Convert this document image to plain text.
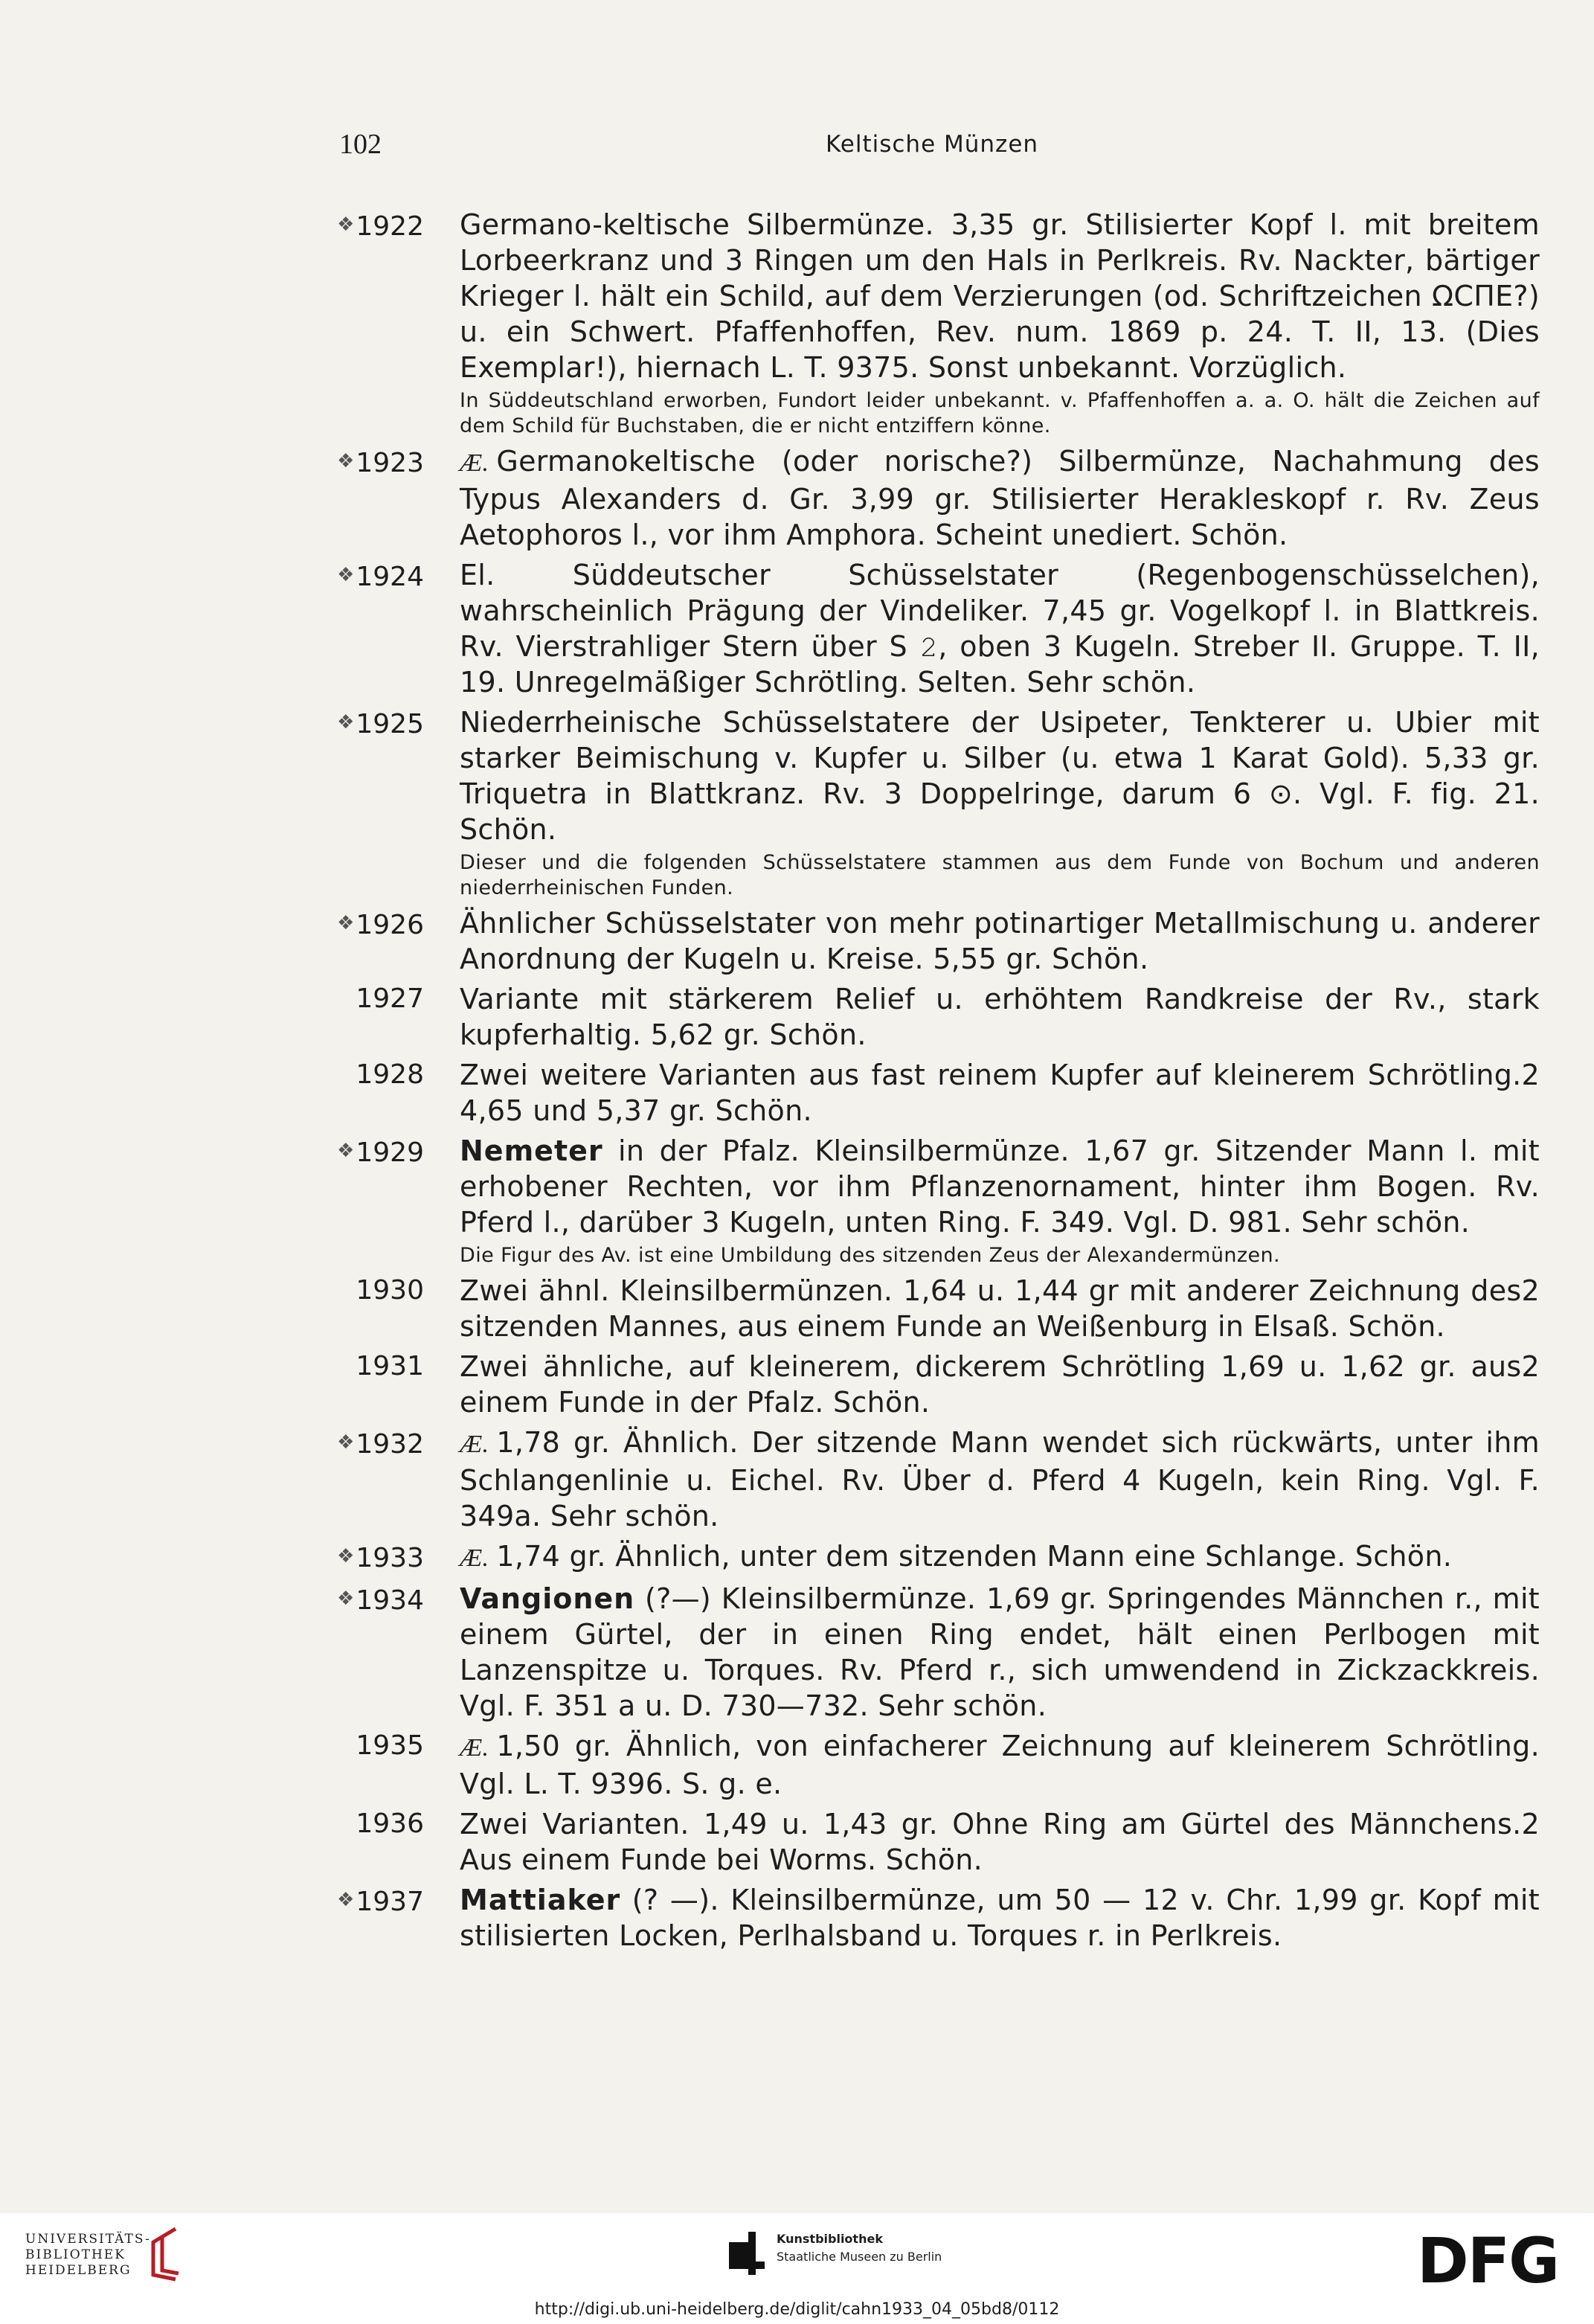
102	Keltische Münzen
❖1922 Germano-keltische Silbermünze. 3,35 gr. Stilisierter Kopf l. mit breitem Lorbeerkranz und 3 Ringen um den Hals in Perlkreis. Rv. Nackter, bärtiger Krieger l. hält ein Schild, auf dem Verzierungen (od. Schriftzeichen ΩCΠE?) u. ein Schwert. Pfaffenhoffen, Rev. num. 1869 p. 24. T. II, 13. (Dies Exemplar!), hiernach L. T. 9375. Sonst unbekannt. Vorzüglich.
In Süddeutschland erworben, Fundort leider unbekannt. v. Pfaffenhoffen a. a. O. hält die Zeichen auf dem Schild für Buchstaben, die er nicht entziffern könne.
❖1923 Æ. Germanokeltische (oder norische?) Silbermünze, Nachahmung des Typus Alexanders d. Gr. 3,99 gr. Stilisierter Herakleskopf r. Rv. Zeus Aetophoros l., vor ihm Amphora. Scheint unediert. Schön.
❖1924 El. Süddeutscher Schüsselstater (Regenbogenschüsselchen), wahrscheinlich Prägung der Vindeliker. 7,45 gr. Vogelkopf l. in Blattkreis. Rv. Vierstrahliger Stern über S 𝟸, oben 3 Kugeln. Streber II. Gruppe. T. II, 19. Unregelmäßiger Schrötling. Selten. Sehr schön.
❖1925 Niederrheinische Schüsselstatere der Usipeter, Tenkterer u. Ubier mit starker Beimischung v. Kupfer u. Silber (u. etwa 1 Karat Gold). 5,33 gr. Triquetra in Blattkranz. Rv. 3 Doppelringe, darum 6 ⊙. Vgl. F. fig. 21. Schön.
Dieser und die folgenden Schüsselstatere stammen aus dem Funde von Bochum und anderen niederrheinischen Funden.
❖1926 Ähnlicher Schüsselstater von mehr potinartiger Metallmischung u. anderer Anordnung der Kugeln u. Kreise. 5,55 gr. Schön.
1927 Variante mit stärkerem Relief u. erhöhtem Randkreise der Rv., stark kupferhaltig. 5,62 gr. Schön.
1928	2
Zwei weitere Varianten aus fast reinem Kupfer auf kleinerem Schrötling. 4,65 und 5,37 gr. Schön.
❖1929 Nemeter in der Pfalz. Kleinsilbermünze. 1,67 gr. Sitzender Mann l. mit erhobener Rechten, vor ihm Pflanzenornament, hinter ihm Bogen. Rv. Pferd l., darüber 3 Kugeln, unten Ring. F. 349. Vgl. D. 981. Sehr schön.
Die Figur des Av. ist eine Umbildung des sitzenden Zeus der Alexandermünzen.
1930	2
Zwei ähnl. Kleinsilbermünzen. 1,64 u. 1,44 gr mit anderer Zeichnung des sitzenden Mannes, aus einem Funde an Weißenburg in Elsaß. Schön.
1931	2
Zwei ähnliche, auf kleinerem, dickerem Schrötling 1,69 u. 1,62 gr. aus einem Funde in der Pfalz. Schön.
❖1932 Æ. 1,78 gr. Ähnlich. Der sitzende Mann wendet sich rückwärts, unter ihm Schlangenlinie u. Eichel. Rv. Über d. Pferd 4 Kugeln, kein Ring. Vgl. F. 349a. Sehr schön.
❖1933 Æ. 1,74 gr. Ähnlich, unter dem sitzenden Mann eine Schlange. Schön.
❖1934 Vangionen (?—) Kleinsilbermünze. 1,69 gr. Springendes Männchen r., mit einem Gürtel, der in einen Ring endet, hält einen Perlbogen mit Lanzenspitze u. Torques. Rv. Pferd r., sich umwendend in Zickzackkreis. Vgl. F. 351 a u. D. 730—732. Sehr schön.
1935 Æ. 1,50 gr. Ähnlich, von einfacherer Zeichnung auf kleinerem Schrötling. Vgl. L. T. 9396. S. g. e.
1936	2
Zwei Varianten. 1,49 u. 1,43 gr. Ohne Ring am Gürtel des Männchens. Aus einem Funde bei Worms. Schön.
❖1937 Mattiaker (? —). Kleinsilbermünze, um 50 — 12 v. Chr. 1,99 gr. Kopf mit stilisierten Locken, Perlhalsband u. Torques r. in Perlkreis.
UNIVERSITÄTS-
BIBLIOTHEK
HEIDELBERG
Kunstbibliothek
Staatliche Museen zu Berlin	DFG
http://digi.ub.uni-heidelberg.de/diglit/cahn1933_04_05bd8/0112
